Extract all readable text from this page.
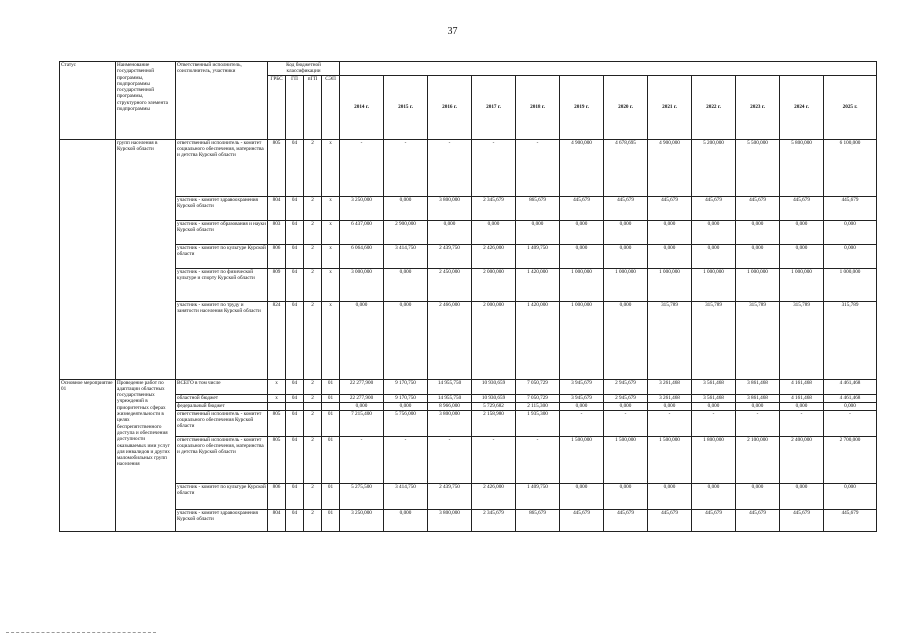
37
Статус	Наименование государственной программы, подпрограммы государственной программы, структурного элемента подпрограммы	Ответственный исполнитель, соисполнитель, участники	Код бюджетной классификации															
			ГРБС	ГП	пГП	СЭП	2014 г.	2015 г.	2016 г.	2017 г.	2018 г.	2019 г.	2020 г.	2021 г.	2022 г.	2023 г.	2024 г.	2025 г.
	групп населения в Курской области	ответственный исполнитель - комитет социального обеспечения, материнства и детства Курской области	805	04	2	х	-	-	-	-	-	4 900,000	4 678,695	4 900,000	5 200,000	5 500,000	5 800,000	6 100,000
		участник - комитет здравоохранения Курской области	804	04	2	х	3 250,000	0,000	3 800,000	2 345,679	865,679	445,679	445,679	445,679	445,679	445,679	445,679	445,679
		участник - комитет образования и науки Курской области	803	04	2	х	6 437,000	2 900,000	0,000	0,000	0,000	0,000	0,000	0,000	0,000	0,000	0,000	0,000
		участник - комитет по культуре Курской области	806	04	2	х	6 064,600	3 414,750	2 439,750	2 426,000	1 409,750	0,000	0,000	0,000	0,000	0,000	0,000	0,000
		участник - комитет по физической культуре и спорту Курской области	809	04	2	х	3 000,000	0,000	2 450,000	2 000,000	1 420,000	1 000,000	1 000,000	1 000,000	1 000,000	1 000,000	1 000,000	1 000,000
		участник - комитет по труду и занятости населения Курской области	824	04	2	х	0,000	0,000	2 466,000	2 000,000	1 420,000	1 000,000	0,000	315,789	315,789	315,789	315,789	315,789
Основное мероприятие 01	Проведение работ по адаптации областных государственных учреждений в приоритетных сферах жизнедеятельности в целях беспрепятственного доступа и обеспечения доступности оказываемых ими услуг для инвалидов и других маломобильных групп населения	ВСЕГО в том числе	х	04	2	01	22 277,900	9 170,750	14 955,750	10 930,659	7 050,729	3 945,679	2 945,679	3 261,468	3 561,468	3 861,468	4 161,468	4 461,468
		областной бюджет	х	04	2	01	22 277,900	9 170,750	14 955,750	10 930,659	7 050,729	3 945,679	2 945,679	3 261,468	3 561,468	3 861,468	4 161,468	4 461,468
		федеральный бюджет					0,000	0,000	8 966,000	5 729,682	2 115,300	0,000	0,000	0,000	0,000	0,000	0,000	0,000
		ответственный исполнитель - комитет социального обеспечения Курской области	805	04	2	01	7 215,400	5 756,000	3 800,000	2 158,980	1 935,300	-	-	-	-	-	-	-
		ответственный исполнитель - комитет социального обеспечения, материнства и детства Курской области	805	04	2	01	-	-	-	-	-	1 500,000	1 500,000	1 500,000	1 800,000	2 100,000	2 400,000	2 700,000
		участник - комитет по культуре Курской области	806	04	2	01	5 275,500	3 414,750	2 439,750	2 426,000	1 409,750	0,000	0,000	0,000	0,000	0,000	0,000	0,000
		участник - комитет здравоохранения Курской области	804	04	2	01	3 250,000	0,000	3 800,000	2 345,679	865,679	445,679	445,679	445,679	445,679	445,679	445,679	445,679
